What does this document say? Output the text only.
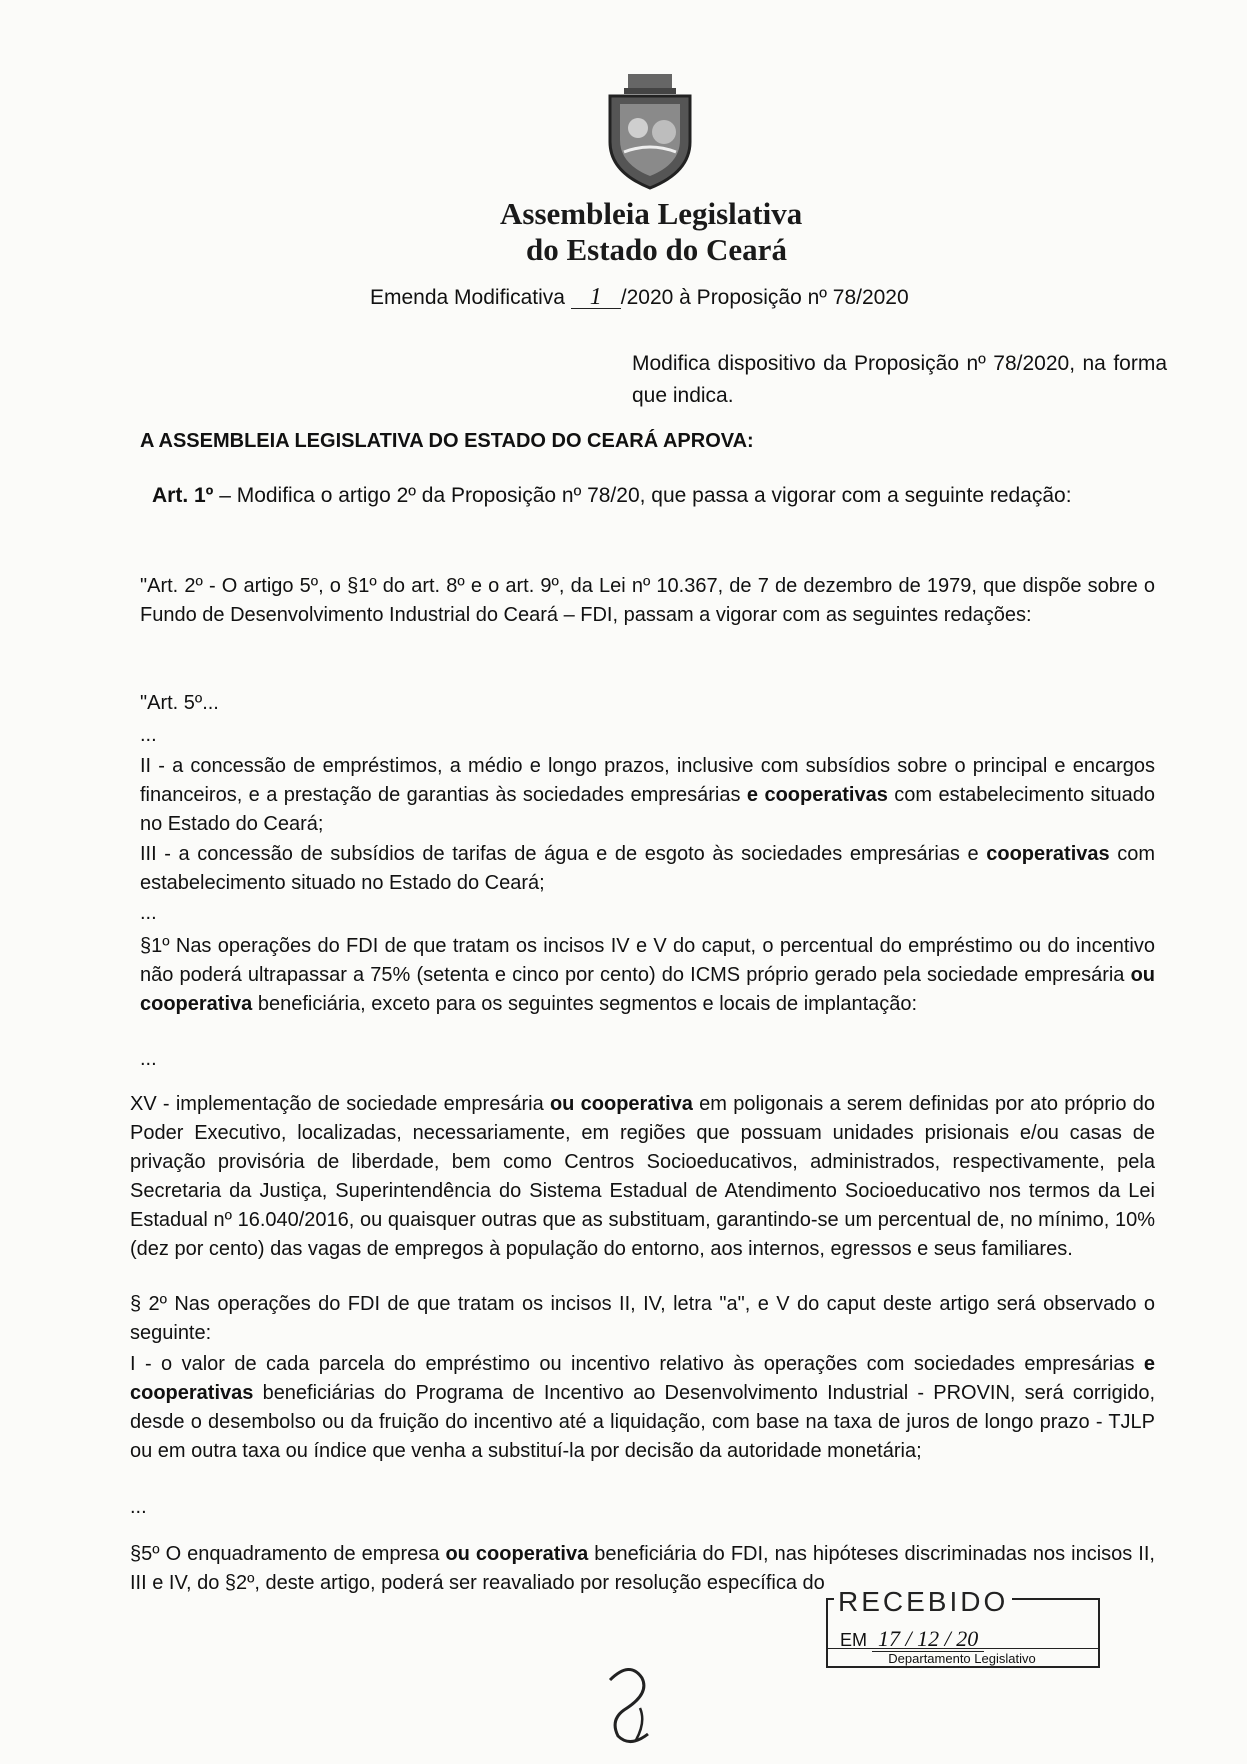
Assembleia Legislativa
do Estado do Ceará
Emenda Modificativa 1 /2020 à Proposição nº 78/2020
Modifica dispositivo da Proposição nº 78/2020, na forma que indica.
A ASSEMBLEIA LEGISLATIVA DO ESTADO DO CEARÁ APROVA:
Art. 1º – Modifica o artigo 2º da Proposição nº 78/20, que passa a vigorar com a seguinte redação:
"Art. 2º - O artigo 5º, o §1º do art. 8º e o art. 9º, da Lei nº 10.367, de 7 de dezembro de 1979, que dispõe sobre o Fundo de Desenvolvimento Industrial do Ceará – FDI, passam a vigorar com as seguintes redações:
"Art. 5º...
...
II - a concessão de empréstimos, a médio e longo prazos, inclusive com subsídios sobre o principal e encargos financeiros, e a prestação de garantias às sociedades empresárias e cooperativas com estabelecimento situado no Estado do Ceará;
III - a concessão de subsídios de tarifas de água e de esgoto às sociedades empresárias e cooperativas com estabelecimento situado no Estado do Ceará;
...
§1º Nas operações do FDI de que tratam os incisos IV e V do caput, o percentual do empréstimo ou do incentivo não poderá ultrapassar a 75% (setenta e cinco por cento) do ICMS próprio gerado pela sociedade empresária ou cooperativa beneficiária, exceto para os seguintes segmentos e locais de implantação:
...
XV - implementação de sociedade empresária ou cooperativa em poligonais a serem definidas por ato próprio do Poder Executivo, localizadas, necessariamente, em regiões que possuam unidades prisionais e/ou casas de privação provisória de liberdade, bem como Centros Socioeducativos, administrados, respectivamente, pela Secretaria da Justiça, Superintendência do Sistema Estadual de Atendimento Socioeducativo nos termos da Lei Estadual nº 16.040/2016, ou quaisquer outras que as substituam, garantindo-se um percentual de, no mínimo, 10% (dez por cento) das vagas de empregos à população do entorno, aos internos, egressos e seus familiares.
§ 2º Nas operações do FDI de que tratam os incisos II, IV, letra "a", e V do caput deste artigo será observado o seguinte:
I - o valor de cada parcela do empréstimo ou incentivo relativo às operações com sociedades empresárias e cooperativas beneficiárias do Programa de Incentivo ao Desenvolvimento Industrial - PROVIN, será corrigido, desde o desembolso ou da fruição do incentivo até a liquidação, com base na taxa de juros de longo prazo - TJLP ou em outra taxa ou índice que venha a substituí-la por decisão da autoridade monetária;
...
§5º O enquadramento de empresa ou cooperativa beneficiária do FDI, nas hipóteses discriminadas nos incisos II, III e IV, do §2º, deste artigo, poderá ser reavaliado por resolução específica do
RECEBIDO
EM 17 / 12 / 20
Departamento Legislativo
